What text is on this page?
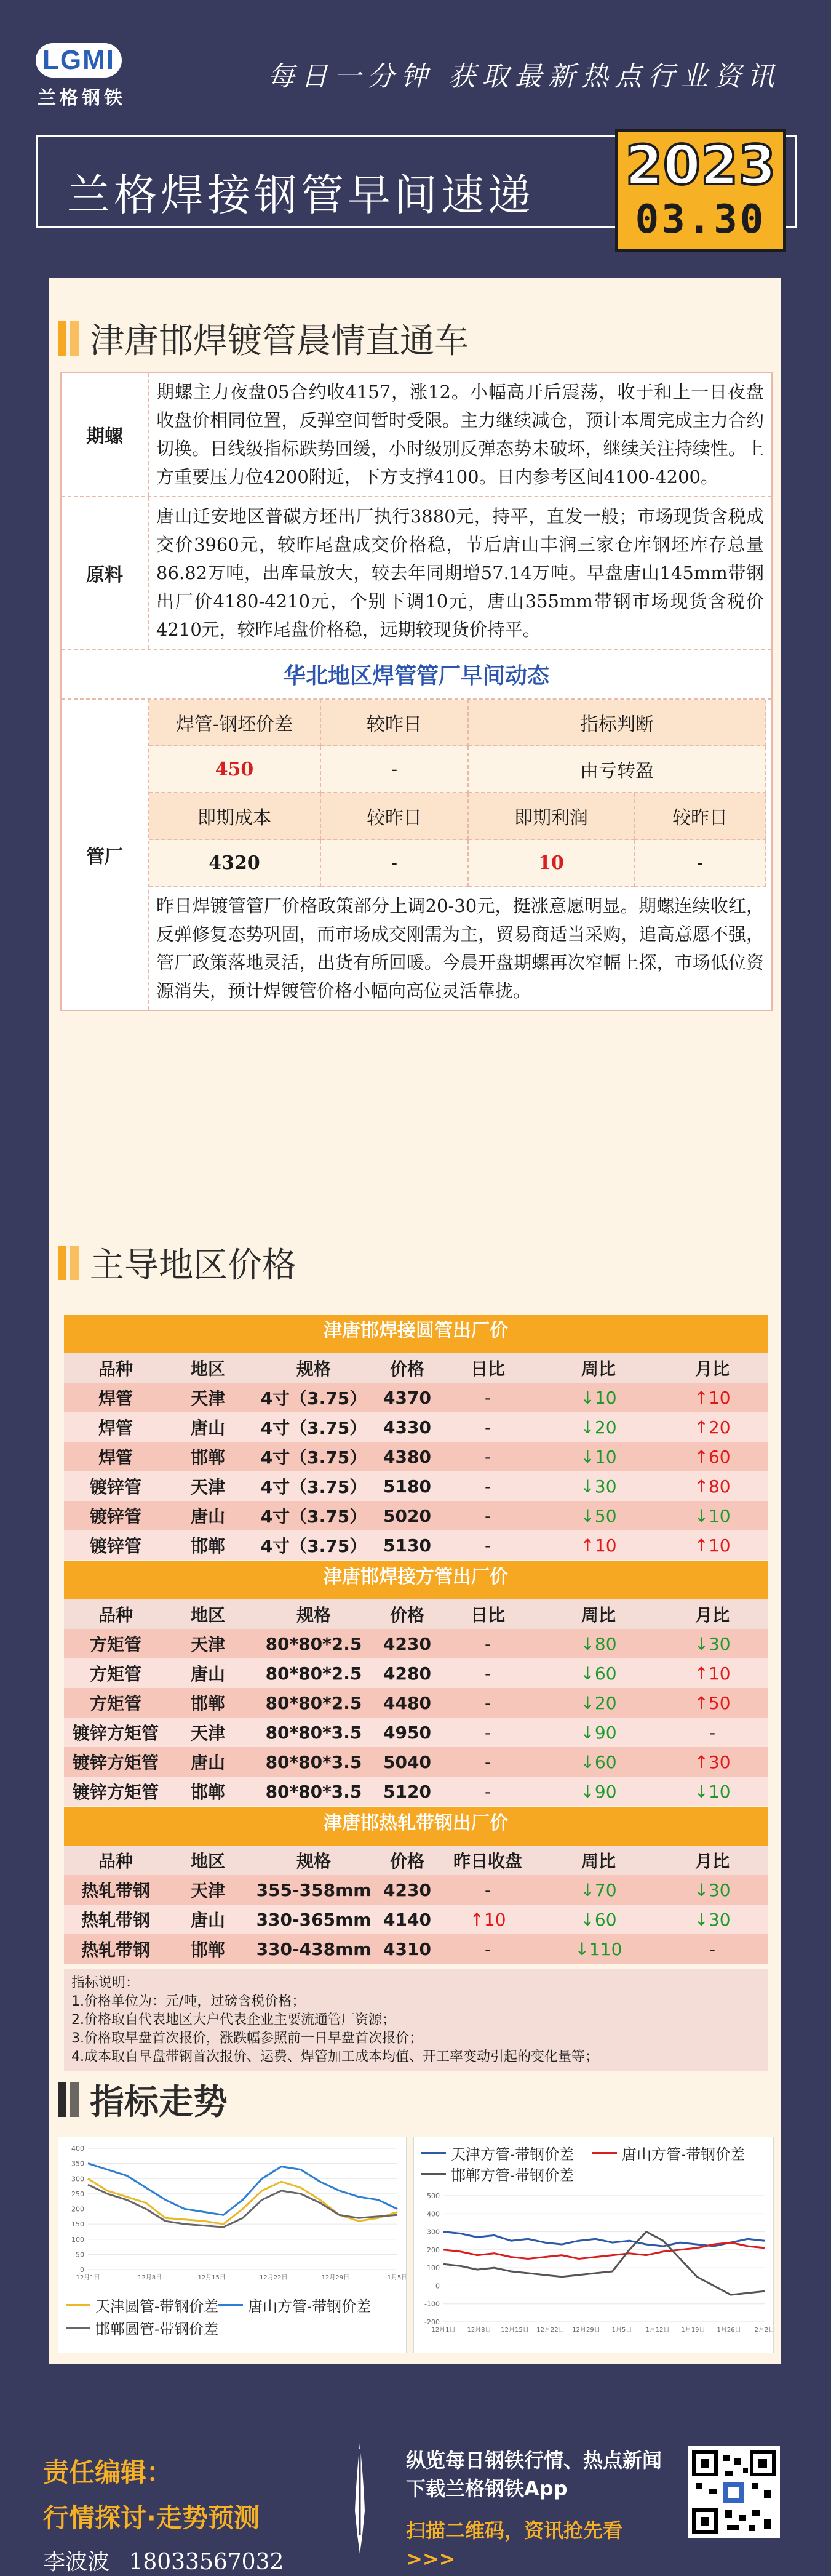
LGMI
兰格钢铁
每日一分钟 获取最新热点行业资讯
兰格焊接钢管早间速递 2023
03.30
津唐邯焊镀管晨情直通车
期螺
期螺主力夜盘05合约收4157，涨12。小幅高开后震荡，收于和上一日夜盘收盘价相同位置，反弹空间暂时受限。主力继续减仓，预计本周完成主力合约切换。日线级指标跌势回缓，小时级别反弹态势未破坏，继续关注持续性。上方重要压力位4200附近，下方支撑4100。日内参考区间4100-4200。
原料
唐山迁安地区普碳方坯出厂执行3880元，持平，直发一般；市场现货含税成交价3960元，较昨尾盘成交价格稳，节后唐山丰润三家仓库钢坯库存总量86.82万吨，出库量放大，较去年同期增57.14万吨。早盘唐山145mm带钢出厂价4180-4210元，个别下调10元，唐山355mm带钢市场现货含税价4210元，较昨尾盘价格稳，远期较现货价持平。
华北地区焊管管厂早间动态
管厂
焊管-钢坯价差	较昨日	指标判断
450	-	由亏转盈
即期成本	较昨日	即期利润	较昨日
4320	-	10	-
昨日焊镀管管厂价格政策部分上调20-30元，挺涨意愿明显。期螺连续收红，反弹修复态势巩固，而市场成交刚需为主，贸易商适当采购，追高意愿不强，管厂政策落地灵活，出货有所回暖。今晨开盘期螺再次窄幅上探，市场低位资源消失，预计焊镀管价格小幅向高位灵活靠拢。
主导地区价格
津唐邯焊接圆管出厂价
品种	地区	规格	价格	日比	周比	月比
焊管	天津	4寸（3.75） 4370	-	↓10	↑10
焊管	唐山	4寸（3.75） 4330	-	↓20	↑20
焊管	邯郸	4寸（3.75） 4380	-	↓10	↑60
镀锌管	天津	4寸（3.75） 5180	-	↓30	↑80
镀锌管	唐山	4寸（3.75） 5020	-	↓50	↓10
镀锌管	邯郸	4寸（3.75） 5130	-	↑10	↑10
津唐邯焊接方管出厂价
品种	地区	规格	价格	日比	周比	月比
方矩管	天津	80*80*2.5	4230	-	↓80	↓30
方矩管	唐山	80*80*2.5	4280	-	↓60	↑10
方矩管	邯郸	80*80*2.5	4480	-	↓20	↑50
镀锌方矩管	天津	80*80*3.5	4950	-	↓90	-
镀锌方矩管	唐山	80*80*3.5	5040	-	↓60	↑30
镀锌方矩管	邯郸	80*80*3.5	5120	-	↓90	↓10
津唐邯热轧带钢出厂价
品种	地区	规格	价格	昨日收盘	周比	月比
热轧带钢	天津	355-358mm 4230	-	↓70	↓30
热轧带钢	唐山	330-365mm 4140	↑10	↓60	↓30
热轧带钢	邯郸	330-438mm 4310	-	↓110	-
指标说明：
1.价格单位为：元/吨，过磅含税价格；
2.价格取自代表地区大户代表企业主要流通管厂资源；
3.价格取早盘首次报价，涨跌幅参照前一日早盘首次报价；
4.成本取自早盘带钢首次报价、运费、焊管加工成本均值、开工率变动引起的变化量等；
指标走势
0
50
100
150
200
250
300
350
400
12月1日	12月8日	12月15日	12月22日	12月29日	1月5日
天津圆管-带钢价差 唐山方管-带钢价差
邯郸圆管-带钢价差	-200
-100
0
100
200
300
400
500
12月1日 12月8日 12月15日 12月22日 12月29日 1月5日 1月12日 1月19日 1月26日 2月2日
天津方管-带钢价差	唐山方管-带钢价差
邯郸方管-带钢价差
责任编辑：
行情探讨·走势预测
李波波 18033567032
纵览每日钢铁行情、热点新闻
下载兰格钢铁App
扫描二维码，资讯抢先看
>>>
